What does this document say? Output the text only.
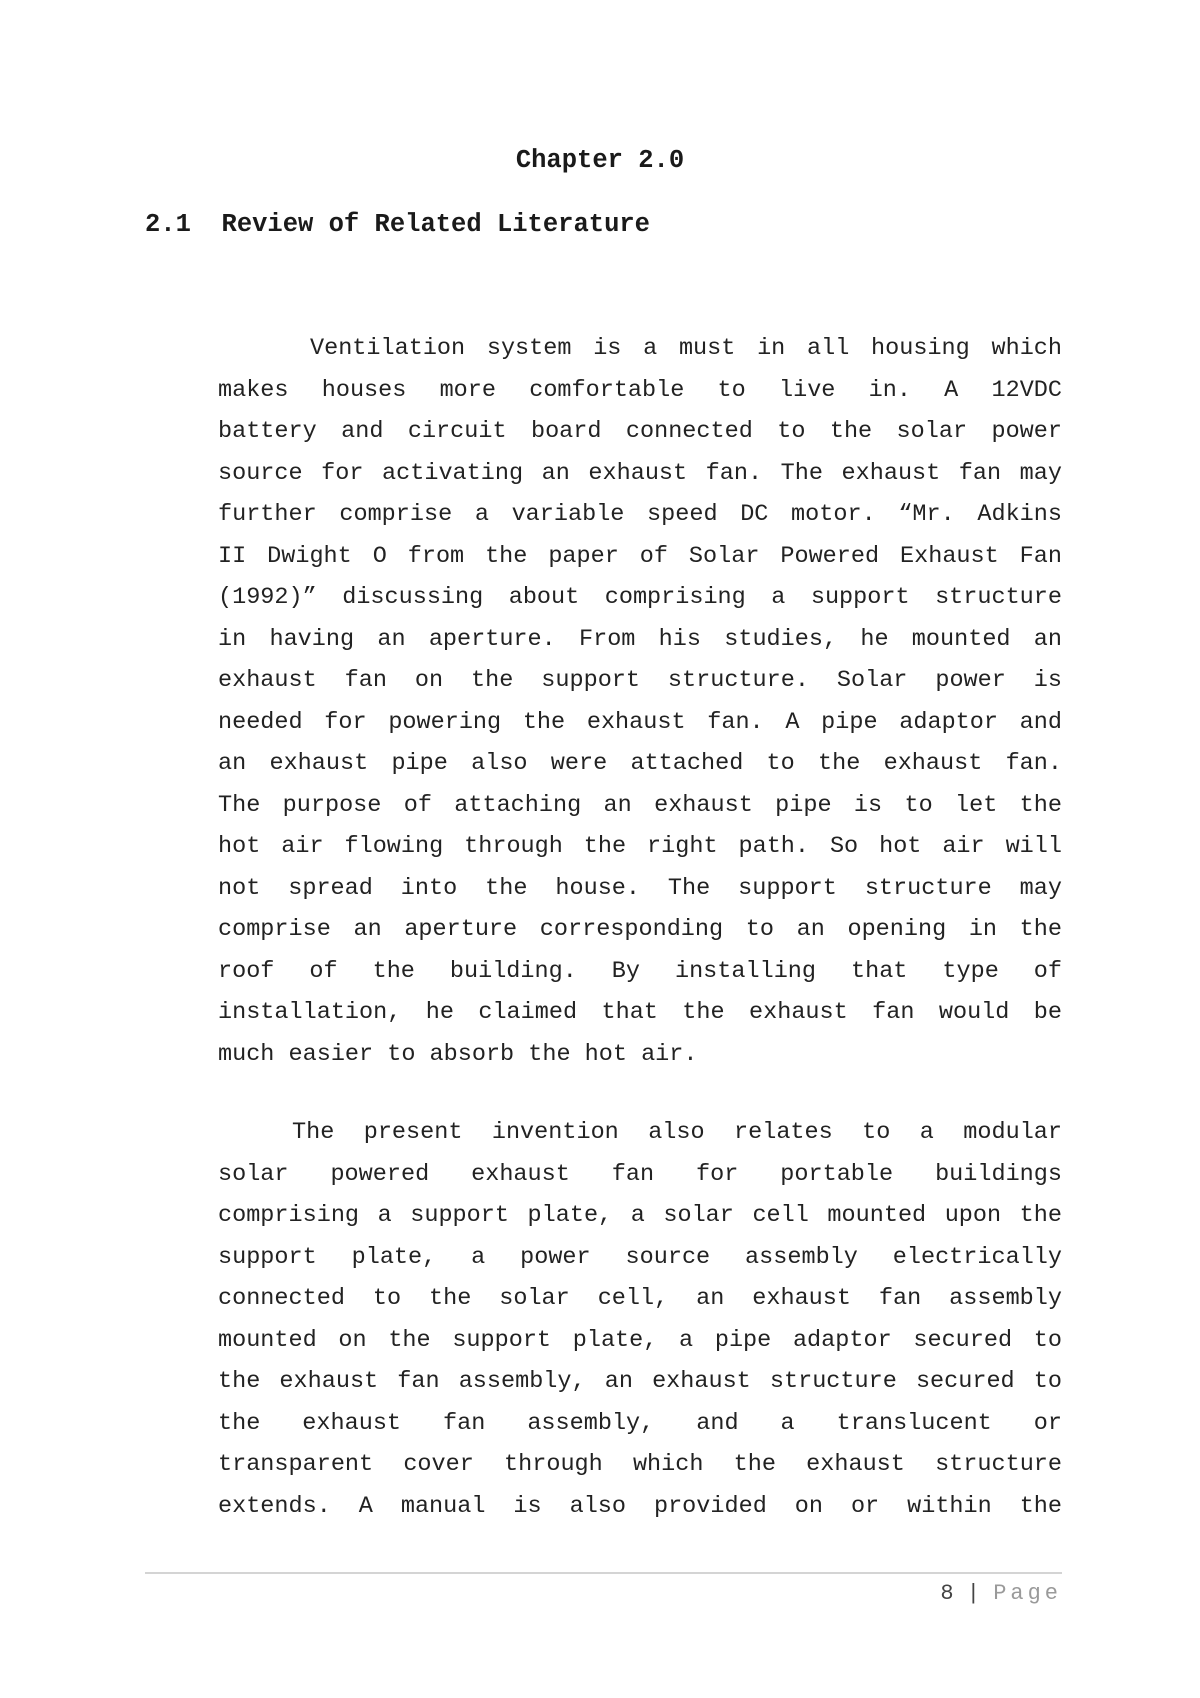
Chapter 2.0
2.1  Review of Related Literature
Ventilation system is a must in all housing which
makes houses more comfortable to live in. A 12VDC
battery and circuit board connected to the solar power
source for activating an exhaust fan. The exhaust fan may
further comprise a variable speed DC motor. “Mr. Adkins
II Dwight O from the paper of Solar Powered Exhaust Fan
(1992)” discussing about comprising a support structure
in having an aperture. From his studies, he mounted an
exhaust fan on the support structure. Solar power is
needed for powering the exhaust fan. A pipe adaptor and
an exhaust pipe also were attached to the exhaust fan.
The purpose of attaching an exhaust pipe is to let the
hot air flowing through the right path. So hot air will
not spread into the house. The support structure may
comprise an aperture corresponding to an opening in the
roof of the building. By installing that type of
installation, he claimed that the exhaust fan would be
much easier to absorb the hot air.
The present invention also relates to a modular
solar powered exhaust fan for portable buildings
comprising a support plate, a solar cell mounted upon the
support plate, a power source assembly electrically
connected to the solar cell, an exhaust fan assembly
mounted on the support plate, a pipe adaptor secured to
the exhaust fan assembly, an exhaust structure secured to
the exhaust fan assembly, and a translucent or
transparent cover through which the exhaust structure
extends. A manual is also provided on or within the
8 | Page
